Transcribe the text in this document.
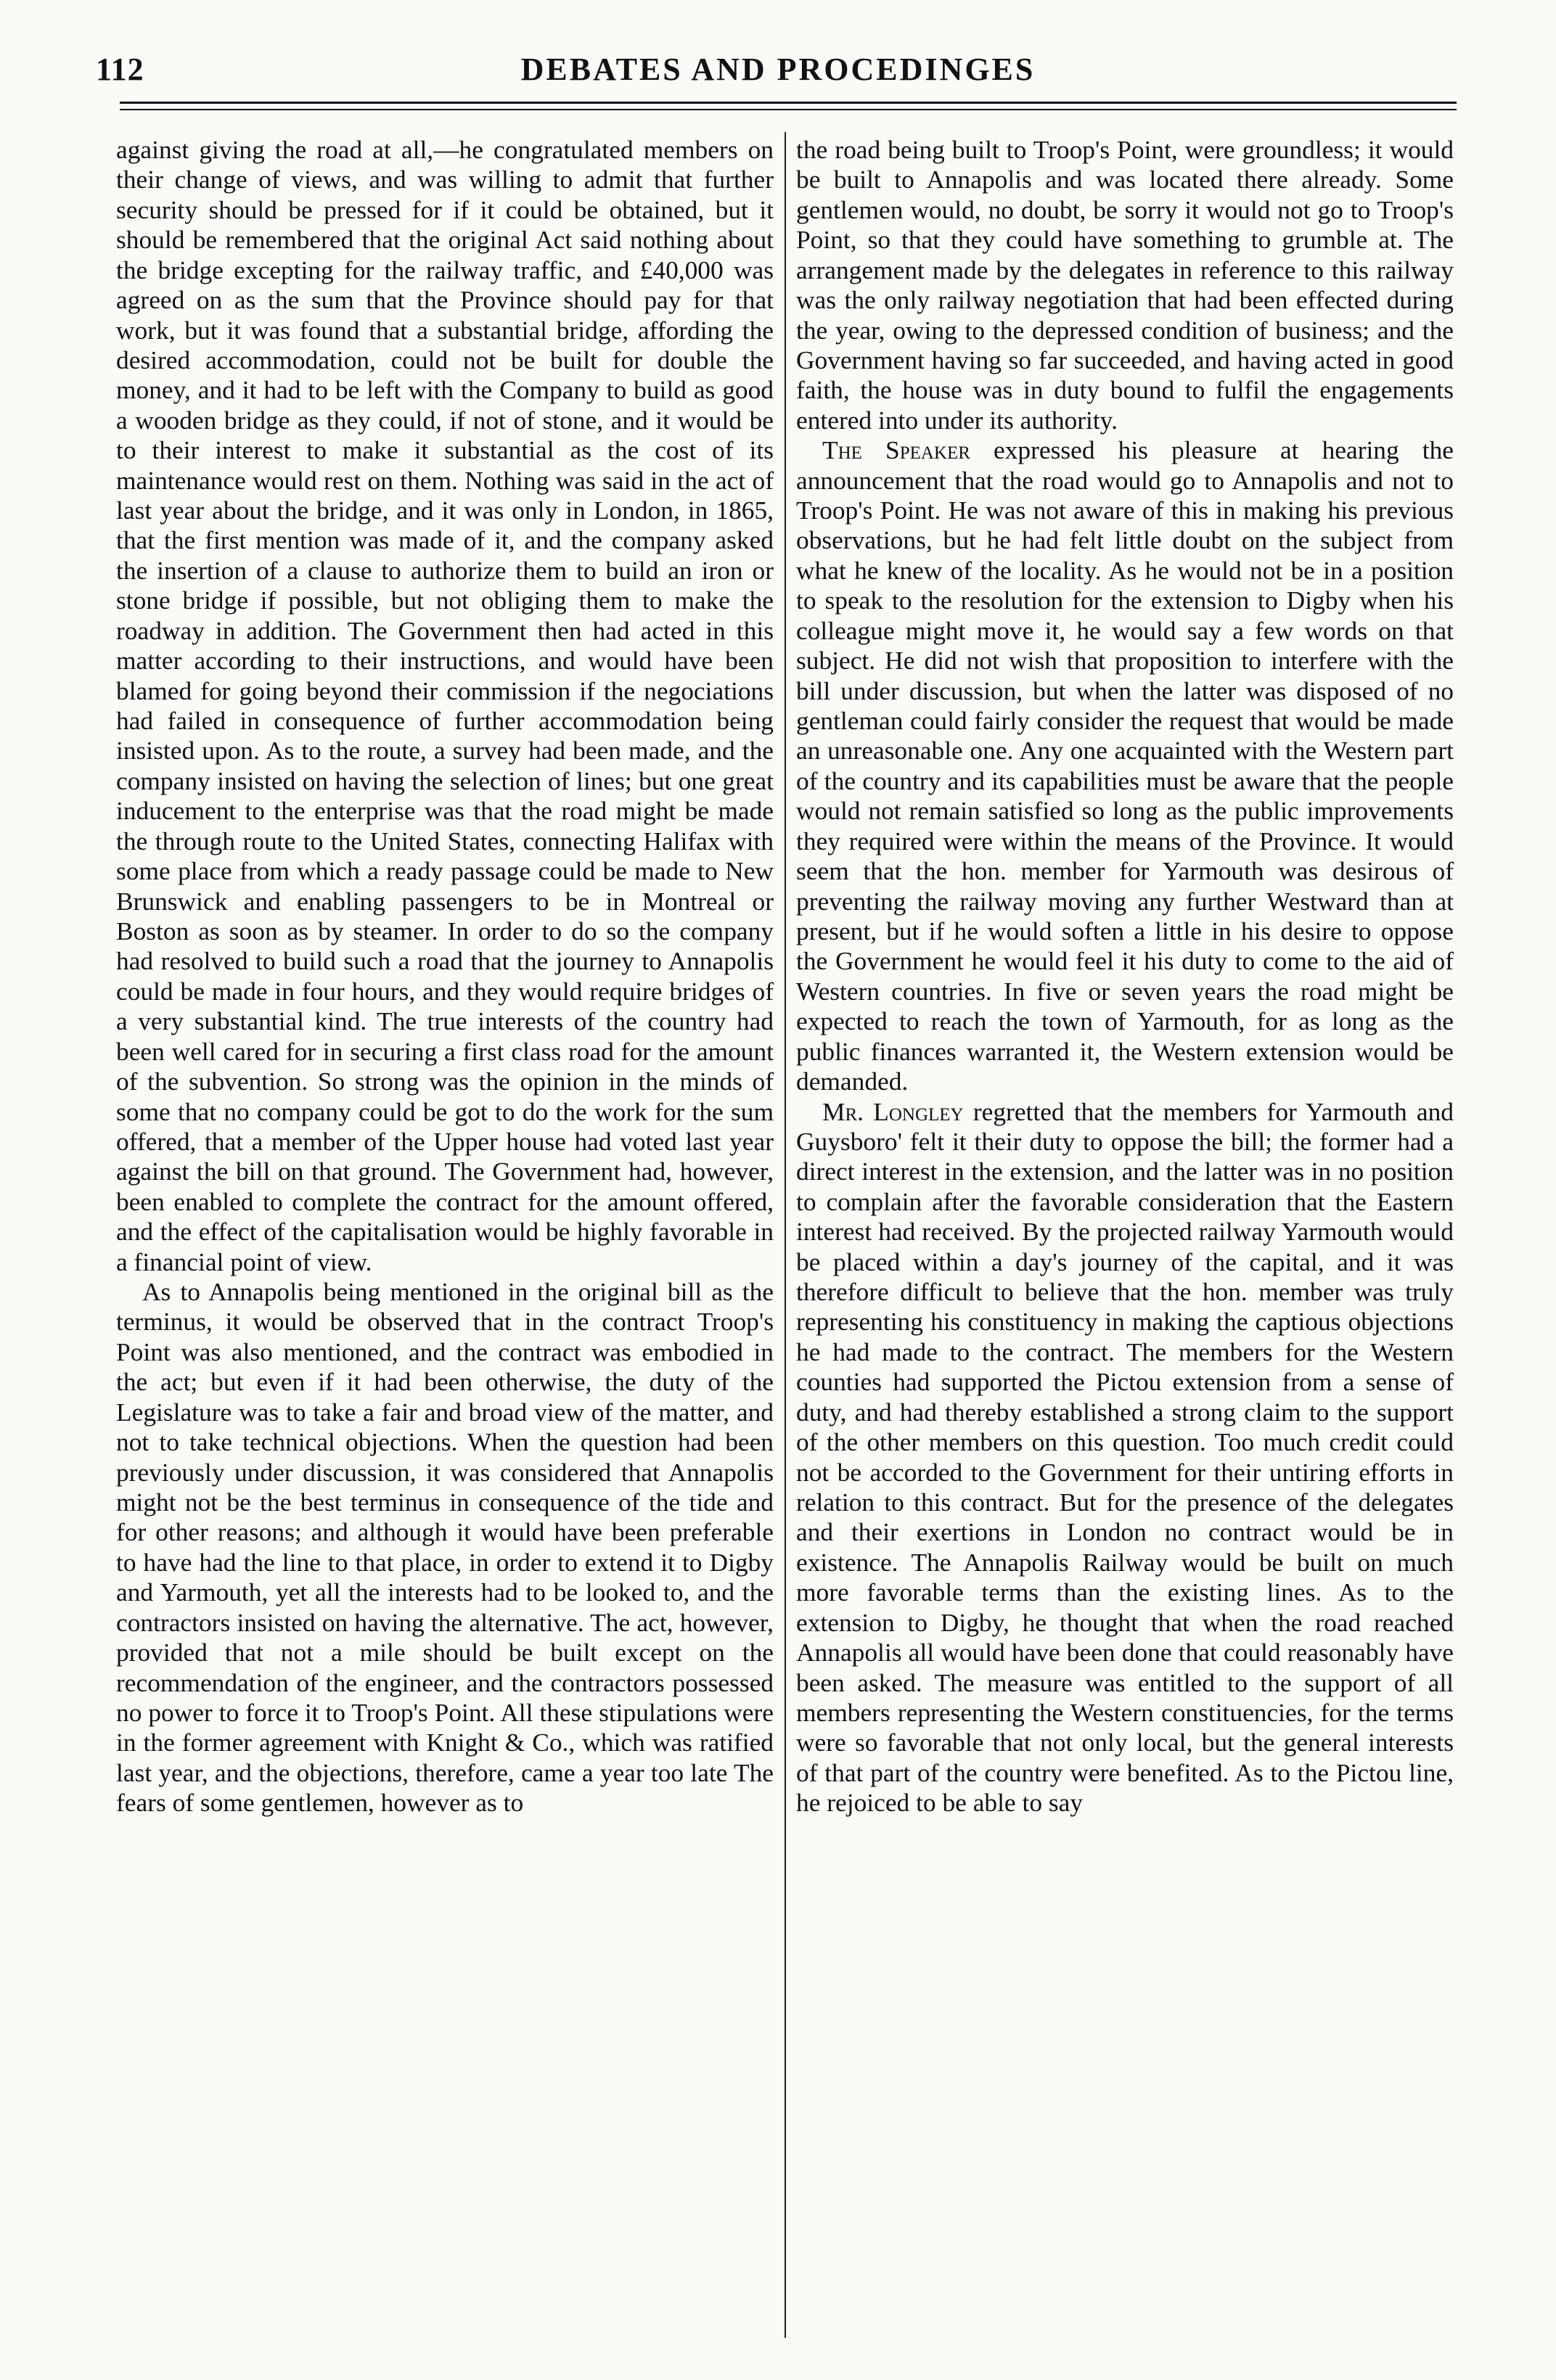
112	DEBATES AND PROCEDINGES

against giving the road at all,—he congratulated members on their change of views, and was willing to admit that further security should be pressed for if it could be obtained, but it should be remembered that the original Act said nothing about the bridge excepting for the railway traffic, and £40,000 was agreed on as the sum that the Province should pay for that work, but it was found that a substantial bridge, affording the desired accommodation, could not be built for double the money, and it had to be left with the Company to build as good a wooden bridge as they could, if not of stone, and it would be to their interest to make it substantial as the cost of its maintenance would rest on them. Nothing was said in the act of last year about the bridge, and it was only in London, in 1865, that the first mention was made of it, and the company asked the insertion of a clause to authorize them to build an iron or stone bridge if possible, but not obliging them to make the roadway in addition. The Government then had acted in this matter according to their instructions, and would have been blamed for going beyond their commission if the negociations had failed in consequence of further accommodation being insisted upon. As to the route, a survey had been made, and the company insisted on having the selection of lines; but one great inducement to the enterprise was that the road might be made the through route to the United States, connecting Halifax with some place from which a ready passage could be made to New Brunswick and enabling passengers to be in Montreal or Boston as soon as by steamer. In order to do so the company had resolved to build such a road that the journey to Annapolis could be made in four hours, and they would require bridges of a very substantial kind. The true interests of the country had been well cared for in securing a first class road for the amount of the subvention. So strong was the opinion in the minds of some that no company could be got to do the work for the sum offered, that a member of the Upper house had voted last year against the bill on that ground. The Government had, however, been enabled to complete the contract for the amount offered, and the effect of the capitalisation would be highly favorable in a financial point of view.

As to Annapolis being mentioned in the original bill as the terminus, it would be observed that in the contract Troop's Point was also mentioned, and the contract was embodied in the act; but even if it had been otherwise, the duty of the Legislature was to take a fair and broad view of the matter, and not to take technical objections. When the question had been previously under discussion, it was considered that Annapolis might not be the best terminus in consequence of the tide and for other reasons; and although it would have been preferable to have had the line to that place, in order to extend it to Digby and Yarmouth, yet all the interests had to be looked to, and the contractors insisted on having the alternative. The act, however, provided that not a mile should be built except on the recommendation of the engineer, and the contractors possessed no power to force it to Troop's Point. All these stipulations were in the former agreement with Knight & Co., which was ratified last year, and the objections, therefore, came a year too late The fears of some gentlemen, however as to

the road being built to Troop's Point, were groundless; it would be built to Annapolis and was located there already. Some gentlemen would, no doubt, be sorry it would not go to Troop's Point, so that they could have something to grumble at. The arrangement made by the delegates in reference to this railway was the only railway negotiation that had been effected during the year, owing to the depressed condition of business; and the Government having so far succeeded, and having acted in good faith, the house was in duty bound to fulfil the engagements entered into under its authority.

The Speaker expressed his pleasure at hearing the announcement that the road would go to Annapolis and not to Troop's Point. He was not aware of this in making his previous observations, but he had felt little doubt on the subject from what he knew of the locality. As he would not be in a position to speak to the resolution for the extension to Digby when his colleague might move it, he would say a few words on that subject. He did not wish that proposition to interfere with the bill under discussion, but when the latter was disposed of no gentleman could fairly consider the request that would be made an unreasonable one. Any one acquainted with the Western part of the country and its capabilities must be aware that the people would not remain satisfied so long as the public improvements they required were within the means of the Province. It would seem that the hon. member for Yarmouth was desirous of preventing the railway moving any further Westward than at present, but if he would soften a little in his desire to oppose the Government he would feel it his duty to come to the aid of Western countries. In five or seven years the road might be expected to reach the town of Yarmouth, for as long as the public finances warranted it, the Western extension would be demanded.

Mr. Longley regretted that the members for Yarmouth and Guysboro' felt it their duty to oppose the bill; the former had a direct interest in the extension, and the latter was in no position to complain after the favorable consideration that the Eastern interest had received. By the projected railway Yarmouth would be placed within a day's journey of the capital, and it was therefore difficult to believe that the hon. member was truly representing his constituency in making the captious objections he had made to the contract. The members for the Western counties had supported the Pictou extension from a sense of duty, and had thereby established a strong claim to the support of the other members on this question. Too much credit could not be accorded to the Government for their untiring efforts in relation to this contract. But for the presence of the delegates and their exertions in London no contract would be in existence. The Annapolis Railway would be built on much more favorable terms than the existing lines. As to the extension to Digby, he thought that when the road reached Annapolis all would have been done that could reasonably have been asked. The measure was entitled to the support of all members representing the Western constituencies, for the terms were so favorable that not only local, but the general interests of that part of the country were benefited. As to the Pictou line, he rejoiced to be able to say
